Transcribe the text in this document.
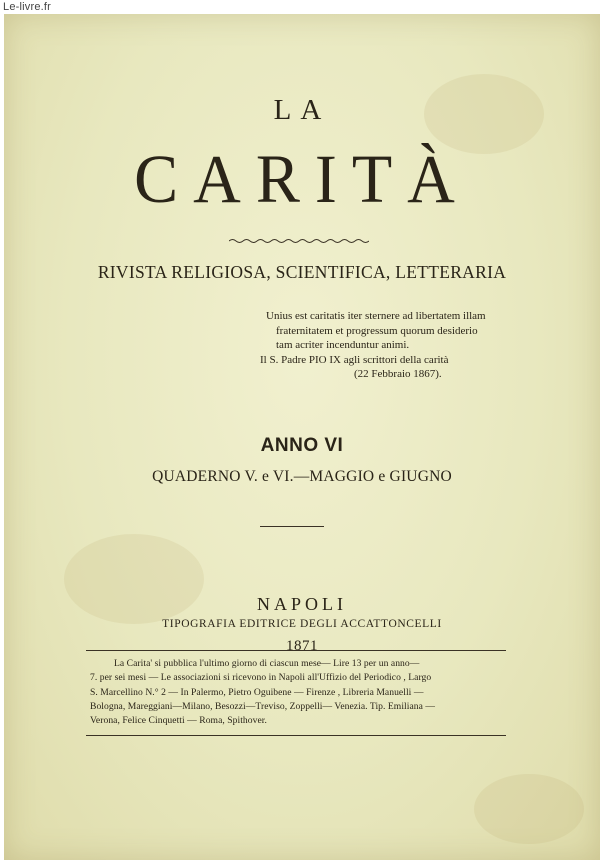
Le-livre.fr
LA
CARITÀ
RIVISTA RELIGIOSA, SCIENTIFICA, LETTERARIA
Unius est caritatis iter sternere ad libertatem illam
fraternitatem et progressum quorum desiderio
tam acriter incenduntur animi.
Il S. Padre PIO IX agli scrittori della carità
(22 Febbraio 1867).
ANNO VI
QUADERNO V. e VI.—MAGGIO e GIUGNO
NAPOLI
TIPOGRAFIA EDITRICE DEGLI ACCATTONCELLI
1871
La Carita' si pubblica l'ultimo giorno di ciascun mese— Lire 13 per un anno—
7. per sei mesi — Le associazioni si ricevono in Napoli all'Uffizio del Periodico , Largo
S. Marcellino N.° 2 — In Palermo, Pietro Oguibene — Firenze , Libreria Manuelli —
Bologna, Mareggiani—Milano, Besozzi—Treviso, Zoppelli— Venezia. Tip. Emiliana —
Verona, Felice Cinquetti — Roma, Spithover.
